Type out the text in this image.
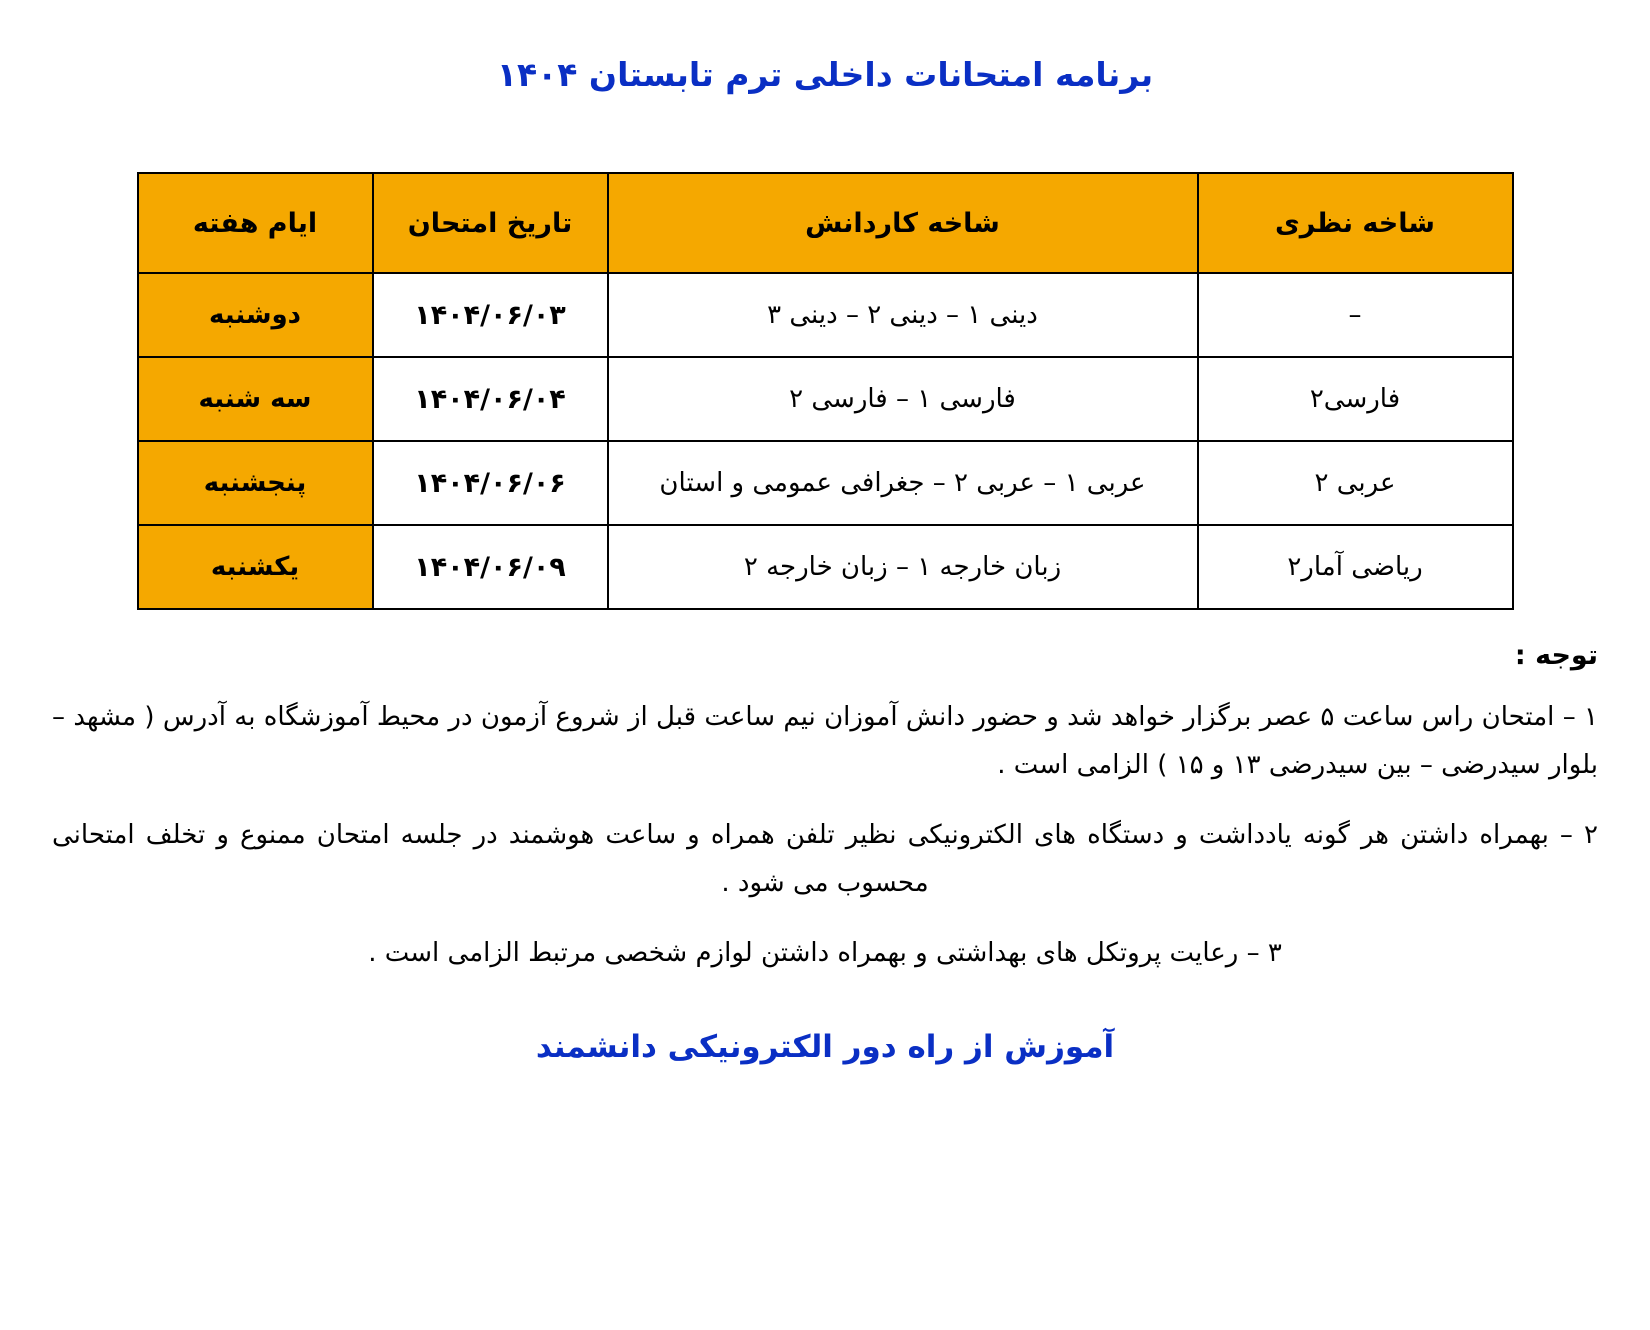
برنامه امتحانات داخلی ترم تابستان ۱۴۰۴
شاخه نظری	شاخه کاردانش	تاریخ امتحان	ایام هفته
–	دینی ۱ – دینی ۲ – دینی ۳	۱۴۰۴/۰۶/۰۳	دوشنبه
فارسی۲	فارسی ۱ – فارسی ۲	۱۴۰۴/۰۶/۰۴	سه شنبه
عربی ۲	عربی ۱ – عربی ۲ – جغرافی عمومی و استان	۱۴۰۴/۰۶/۰۶	پنجشنبه
ریاضی آمار۲	زبان خارجه ۱ – زبان خارجه ۲	۱۴۰۴/۰۶/۰۹	یکشنبه
توجه :
۱ – امتحان راس ساعت ۵ عصر برگزار خواهد شد و حضور دانش آموزان نیم ساعت قبل از شروع آزمون در محیط آموزشگاه به آدرس ( مشهد – بلوار سیدرضی – بین سیدرضی ۱۳ و ۱۵ ) الزامی است .
۲ – بهمراه داشتن هر گونه یادداشت و دستگاه های الکترونیکی نظیر تلفن همراه و ساعت هوشمند در جلسه امتحان ممنوع و تخلف امتحانی محسوب می شود .
۳ – رعایت پروتکل های بهداشتی و بهمراه داشتن لوازم شخصی مرتبط الزامی است .
آموزش از راه دور الکترونیکی دانشمند
